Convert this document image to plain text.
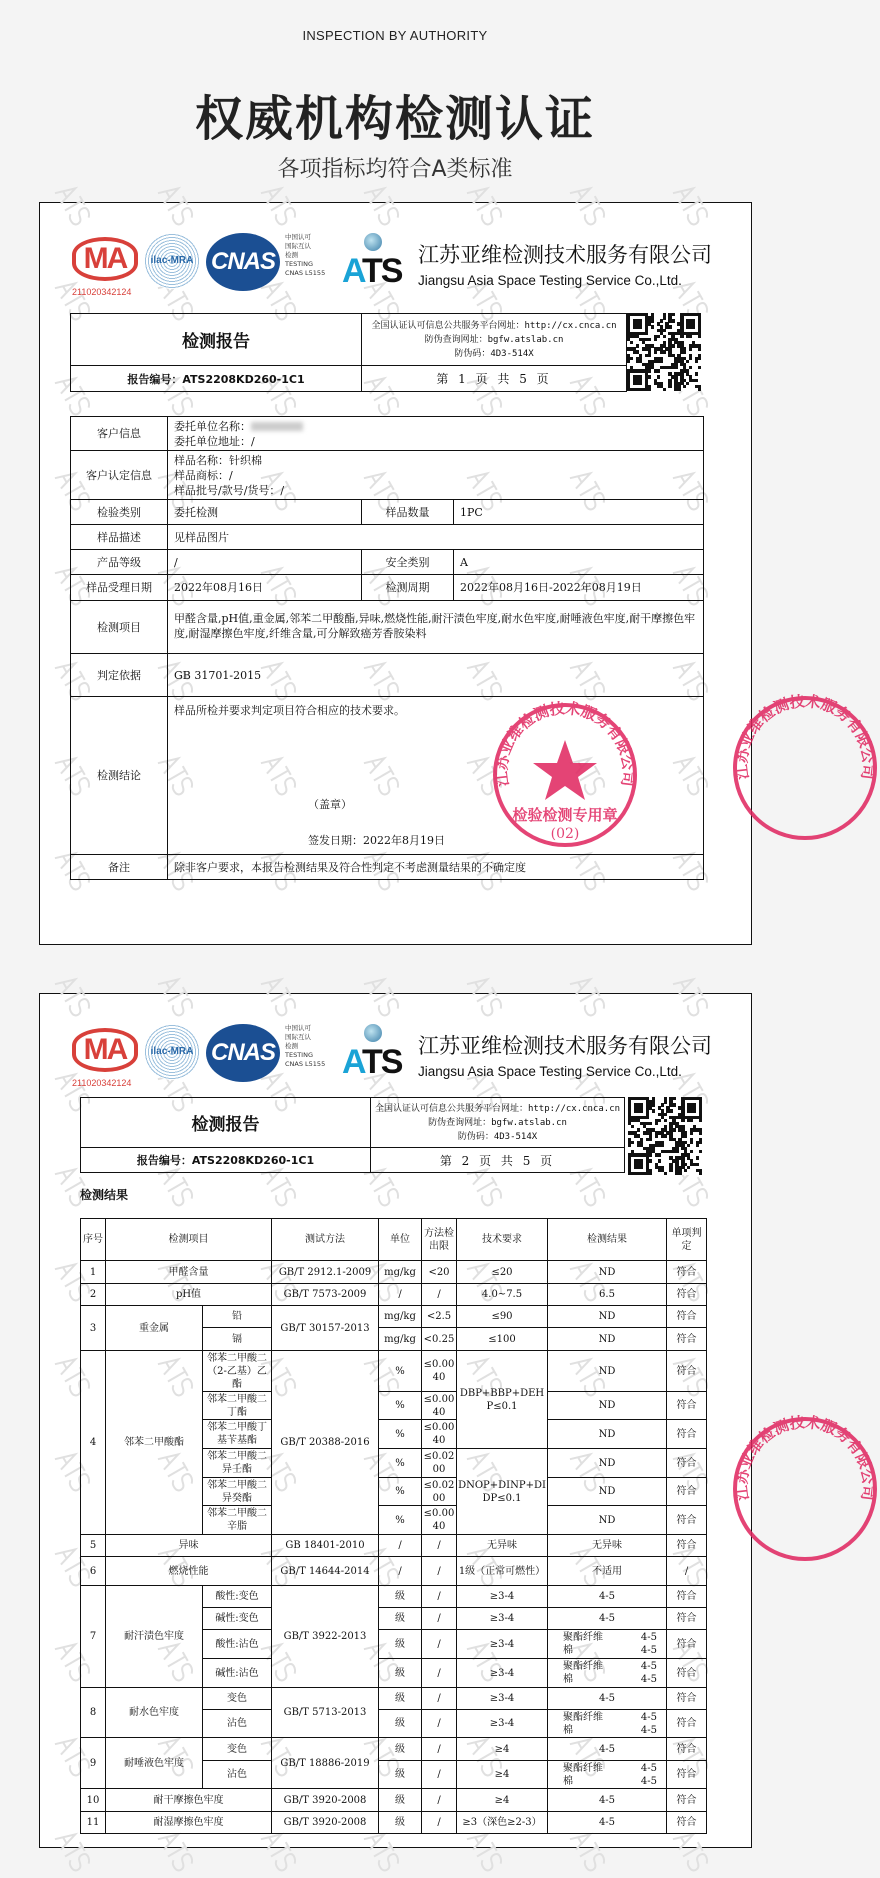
INSPECTION BY AUTHORITY
权威机构检测认证
各项指标均符合A类标准
MA
211020342124
ilac-MRA CNAS
中国认可
国际互认
检测
TESTING
CNAS L5155 ATS 江苏亚维检测技术服务有限公司
Jiangsu Asia Space Testing Service Co.,Ltd.
检测报告	全国认证认可信息公共服务平台网址：http://cx.cnca.cn
防伪查询网址：bgfw.atslab.cn
防伪码：4D3-514X

报告编号：ATS2208KD260-1C1	第 1 页 共 5 页
客户信息	委托单位名称：
委托单位地址：/		

客户认定信息	样品名称：针织棉
样品商标：/
样品批号/款号/货号：/		

检验类别	委托检测	样品数量	1PC
样品描述	见样品图片		
产品等级	/	安全类别	A
样品受理日期	2022年08月16日	检测周期	2022年08月16日-2022年08月19日
检测项目	甲醛含量,pH值,重金属,邻苯二甲酸酯,异味,燃烧性能,耐汗渍色牢度,耐水色牢度,耐唾液色牢度,耐干摩擦色牢度,耐湿摩擦色牢度,纤维含量,可分解致癌芳香胺染料		
判定依据	GB 31701-2015		
检测结论	样品所检并要求判定项目符合相应的技术要求。
（盖章）
签发日期：2022年8月19日		

备注	除非客户要求，本报告检测结果及符合性判定不考虑测量结果的不确定度		
江苏亚维检测技术服务有限公司
检验检测专用章
(02)
江苏亚维检测技术服务有限公司
MA
211020342124
ilac-MRA CNAS
中国认可
国际互认
检测
TESTING
CNAS L5155 ATS 江苏亚维检测技术服务有限公司
Jiangsu Asia Space Testing Service Co.,Ltd.
检测报告	全国认证认可信息公共服务平台网址：http://cx.cnca.cn
防伪查询网址：bgfw.atslab.cn
防伪码：4D3-514X

报告编号：ATS2208KD260-1C1	第 2 页 共 5 页
检测结果
序号	检测项目		测试方法	单位	方法检出限	技术要求	检测结果	单项判定
1	甲醛含量		GB/T 2912.1-2009	mg/kg	<20	≤20	ND	符合
2	pH值		GB/T 7573-2009	/	/	4.0~7.5	6.5	符合
3	重金属	铅	GB/T 30157-2013	mg/kg	<2.5	≤90	ND	符合
		镉		mg/kg	<0.25	≤100	ND	符合
4	邻苯二甲酸酯	邻苯二甲酸二（2-乙基）乙酯	GB/T 20388-2016	%	≤0.0040	DBP+BBP+DEHP≤0.1	ND	符合
		邻苯二甲酸二丁酯		%	≤0.0040		ND	符合
		邻苯二甲酸丁基苄基酯		%	≤0.0040		ND	符合
		邻苯二甲酸二异壬酯		%	≤0.0200	DNOP+DINP+DIDP≤0.1	ND	符合
		邻苯二甲酸二异癸酯		%	≤0.0200		ND	符合
		邻苯二甲酸二辛脂		%	≤0.0040		ND	符合
5	异味		GB 18401-2010	/	/	无异味	无异味	符合
6	燃烧性能		GB/T 14644-2014	/	/	1级（正常可燃性）	不适用	/
7	耐汗渍色牢度	酸性:变色	GB/T 3922-2013	级	/	≥3-4	4-5	符合
		碱性:变色		级	/	≥3-4	4-5	符合
		酸性:沾色		级	/	≥3-4	聚酯纤维 4-5
棉 4-5	符合
		碱性:沾色		级	/	≥3-4	聚酯纤维 4-5
棉 4-5	符合
8	耐水色牢度	变色	GB/T 5713-2013	级	/	≥3-4	4-5	符合
		沾色		级	/	≥3-4	聚酯纤维 4-5
棉 4-5	符合
9	耐唾液色牢度	变色	GB/T 18886-2019	级	/	≥4	4-5	符合
		沾色		级	/	≥4	聚酯纤维 4-5
棉 4-5	符合
10	耐干摩擦色牢度		GB/T 3920-2008	级	/	≥4	4-5	符合
11	耐湿摩擦色牢度		GB/T 3920-2008	级	/	≥3（深色≥2-3）	4-5	符合
江苏亚维检测技术服务有限公司
